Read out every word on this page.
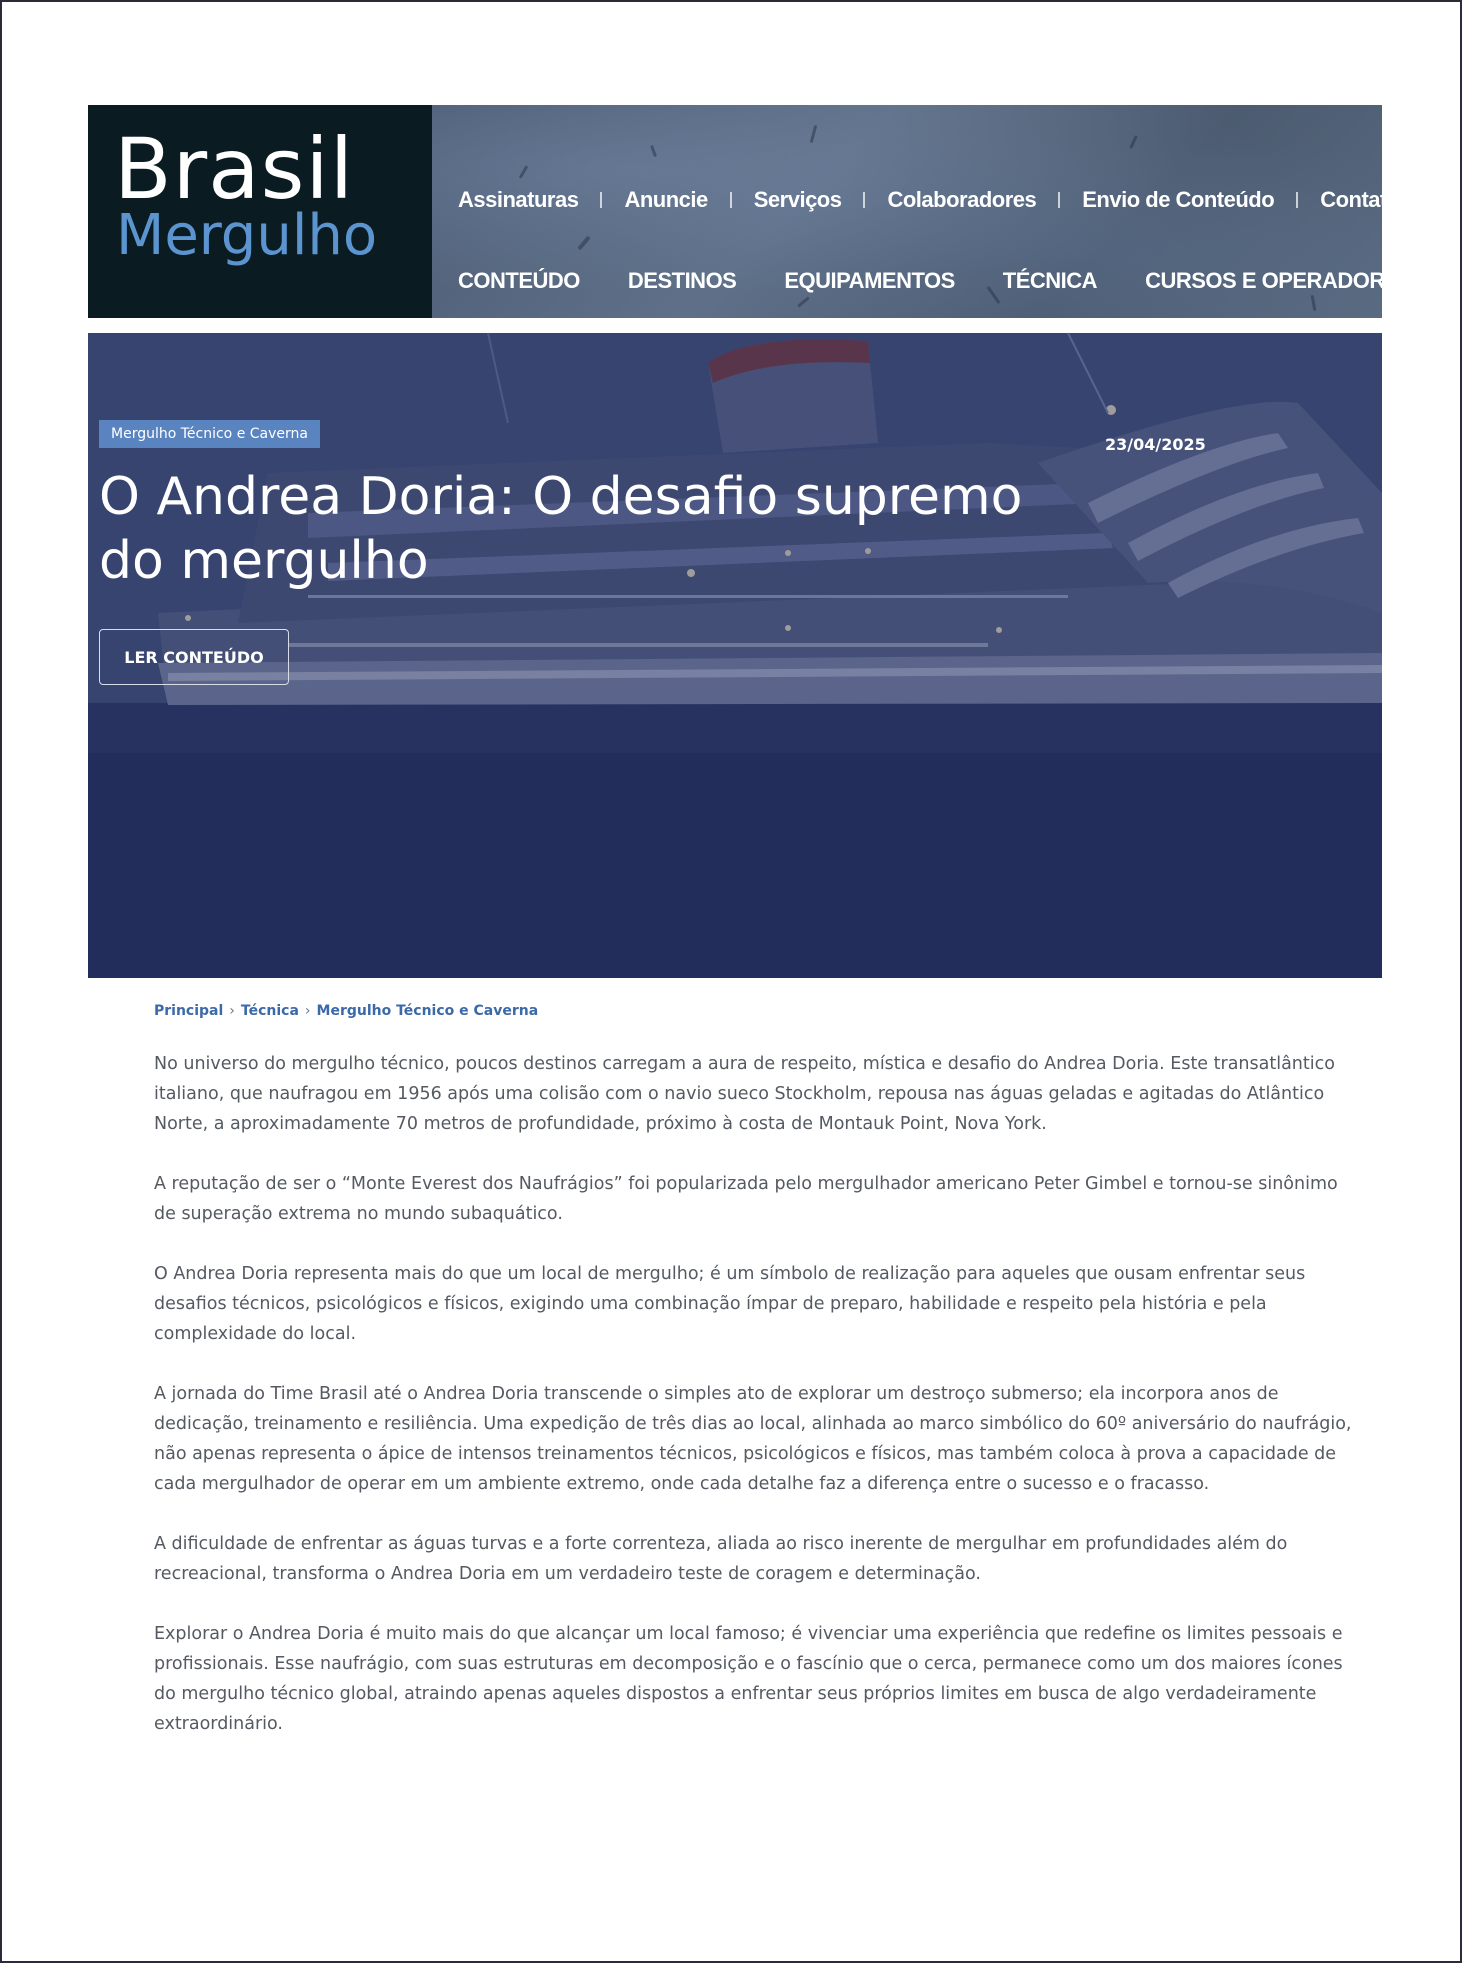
Brasil
Mergulho
Assinaturas Anuncie Serviços Colaboradores Envio de Conteúdo Contato
CONTEÚDO DESTINOS EQUIPAMENTOS TÉCNICA CURSOS E OPERADORAS
Mergulho Técnico e Caverna
23/04/2025
O Andrea Doria: O desafio supremo do mergulho
LER CONTEÚDO
Principal › Técnica › Mergulho Técnico e Caverna

No universo do mergulho técnico, poucos destinos carregam a aura de respeito, mística e desafio do Andrea Doria. Este transatlântico italiano, que naufragou em 1956 após uma colisão com o navio sueco Stockholm, repousa nas águas geladas e agitadas do Atlântico Norte, a aproximadamente 70 metros de profundidade, próximo à costa de Montauk Point, Nova York.

A reputação de ser o “Monte Everest dos Naufrágios” foi popularizada pelo mergulhador americano Peter Gimbel e tornou-se sinônimo de superação extrema no mundo subaquático.

O Andrea Doria representa mais do que um local de mergulho; é um símbolo de realização para aqueles que ousam enfrentar seus desafios técnicos, psicológicos e físicos, exigindo uma combinação ímpar de preparo, habilidade e respeito pela história e pela complexidade do local.

A jornada do Time Brasil até o Andrea Doria transcende o simples ato de explorar um destroço submerso; ela incorpora anos de dedicação, treinamento e resiliência. Uma expedição de três dias ao local, alinhada ao marco simbólico do 60º aniversário do naufrágio, não apenas representa o ápice de intensos treinamentos técnicos, psicológicos e físicos, mas também coloca à prova a capacidade de cada mergulhador de operar em um ambiente extremo, onde cada detalhe faz a diferença entre o sucesso e o fracasso.

A dificuldade de enfrentar as águas turvas e a forte correnteza, aliada ao risco inerente de mergulhar em profundidades além do recreacional, transforma o Andrea Doria em um verdadeiro teste de coragem e determinação.

Explorar o Andrea Doria é muito mais do que alcançar um local famoso; é vivenciar uma experiência que redefine os limites pessoais e profissionais. Esse naufrágio, com suas estruturas em decomposição e o fascínio que o cerca, permanece como um dos maiores ícones do mergulho técnico global, atraindo apenas aqueles dispostos a enfrentar seus próprios limites em busca de algo verdadeiramente extraordinário.
